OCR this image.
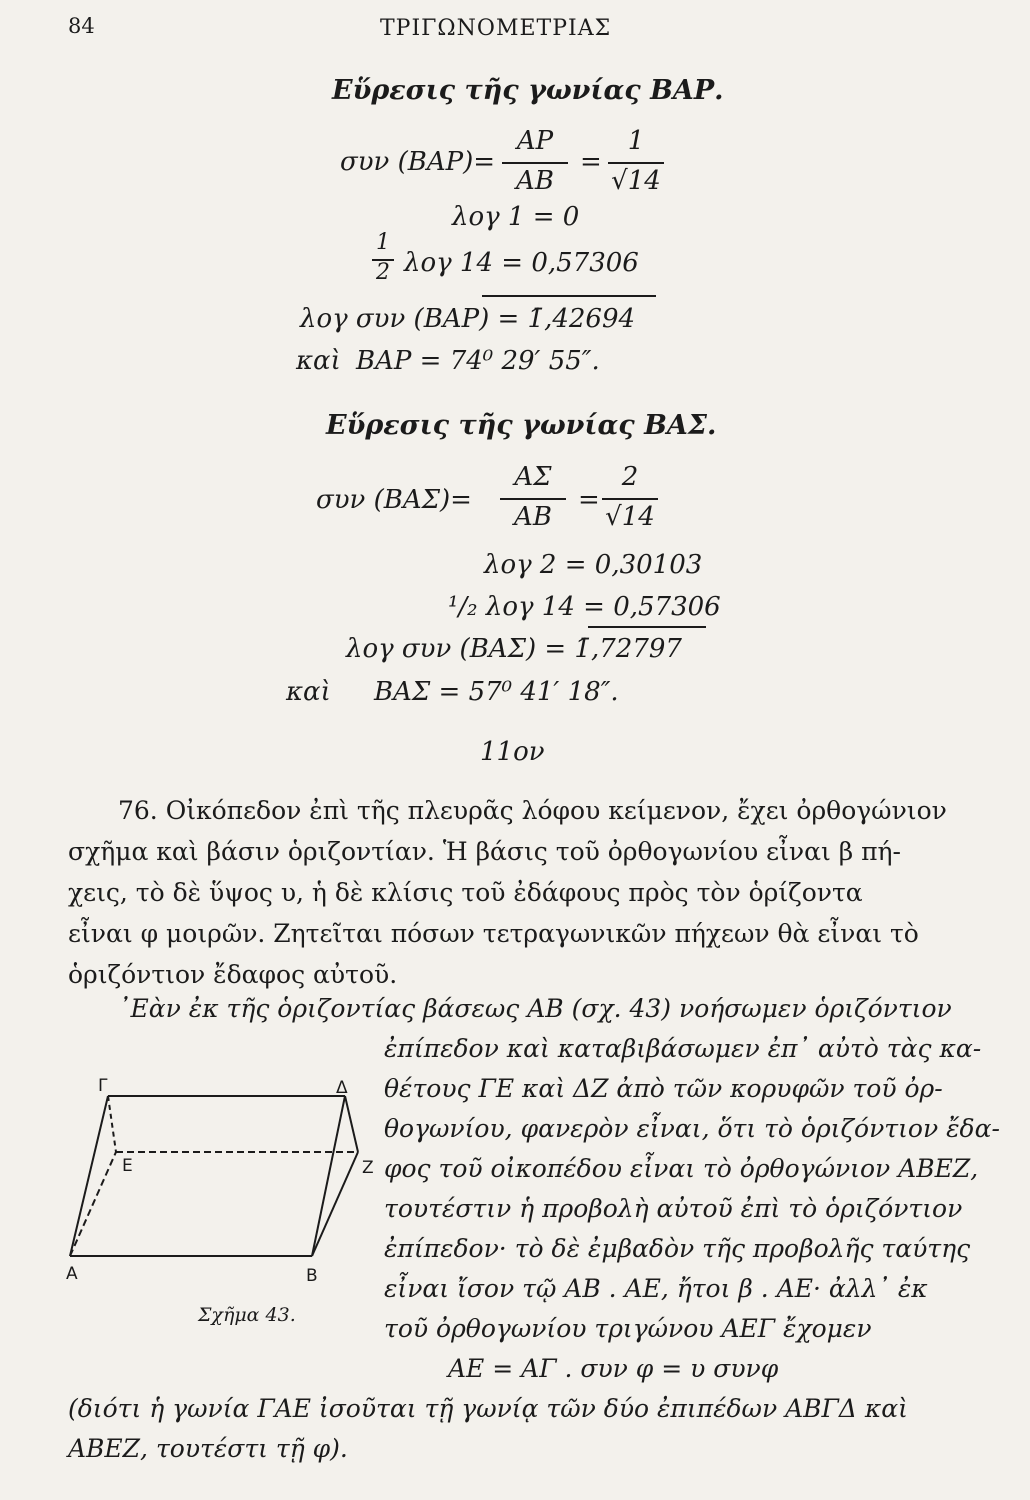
84	ΤΡΙΓΩΝΟΜΕΤΡΙΑΣ
Εὕρεσις τῆς γωνίας ΒΑΡ.
συν (ΒΑΡ)=
ΑΡ
ΑΒ
=
1
√14
λογ 1 = 0
1
2 λογ 14 = 0,57306
λογ συν (ΒΑΡ) = 1̄,42694
καὶ ΒΑΡ = 74⁰ 29′ 55″.
Εὕρεσις τῆς γωνίας ΒΑΣ.
συν (ΒΑΣ)=
ΑΣ
ΑΒ
=
2
√14
λογ 2 = 0,30103
¹/₂ λογ 14 = 0,57306
λογ συν (ΒΑΣ) = 1̄,72797
καὶ ΒΑΣ = 57⁰ 41′ 18″.
11ον
76. Οἰκόπεδον ἐπὶ τῆς πλευρᾶς λόφου κείμενον, ἔχει ὀρθογώνιον
σχῆμα καὶ βάσιν ὁριζοντίαν. Ἡ βάσις τοῦ ὀρθογωνίου εἶναι β πή-
χεις, τὸ δὲ ὕψος υ, ἡ δὲ κλίσις τοῦ ἐδάφους πρὸς τὸν ὁρίζοντα
εἶναι φ μοιρῶν. Ζητεῖται πόσων τετραγωνικῶν πήχεων θὰ εἶναι τὸ
ὁριζόντιον ἔδαφος αὐτοῦ.
᾿Εὰν ἐκ τῆς ὁριζοντίας βάσεως ΑΒ (σχ. 43) νοήσωμεν ὁριζόντιον
ἐπίπεδον καὶ καταβιβάσωμεν ἐπ᾿ αὐτὸ τὰς κα-
θέτους ΓΕ καὶ ΔΖ ἀπὸ τῶν κορυφῶν τοῦ ὀρ-
θογωνίου, φανερὸν εἶναι, ὅτι τὸ ὁριζόντιον ἔδα-
φος τοῦ οἰκοπέδου εἶναι τὸ ὀρθογώνιον ΑΒΕΖ,
τουτέστιν ἡ προβολὴ αὐτοῦ ἐπὶ τὸ ὁριζόντιον
ἐπίπεδον· τὸ δὲ ἐμβαδὸν τῆς προβολῆς ταύτης
εἶναι ἴσον τῷ ΑΒ . ΑΕ, ἤτοι β . ΑΕ· ἀλλ᾿ ἐκ
τοῦ ὀρθογωνίου τριγώνου ΑΕΓ ἔχομεν
ΑΕ = ΑΓ . συν φ = υ συνφ
(διότι ἡ γωνία ΓΑΕ ἰσοῦται τῇ γωνίᾳ τῶν δύο ἐπιπέδων ΑΒΓΔ καὶ
ΑΒΕΖ, τουτέστι τῇ φ).
Γ	Δ
Ε	Ζ
Α	Β
Σχῆμα 43.
